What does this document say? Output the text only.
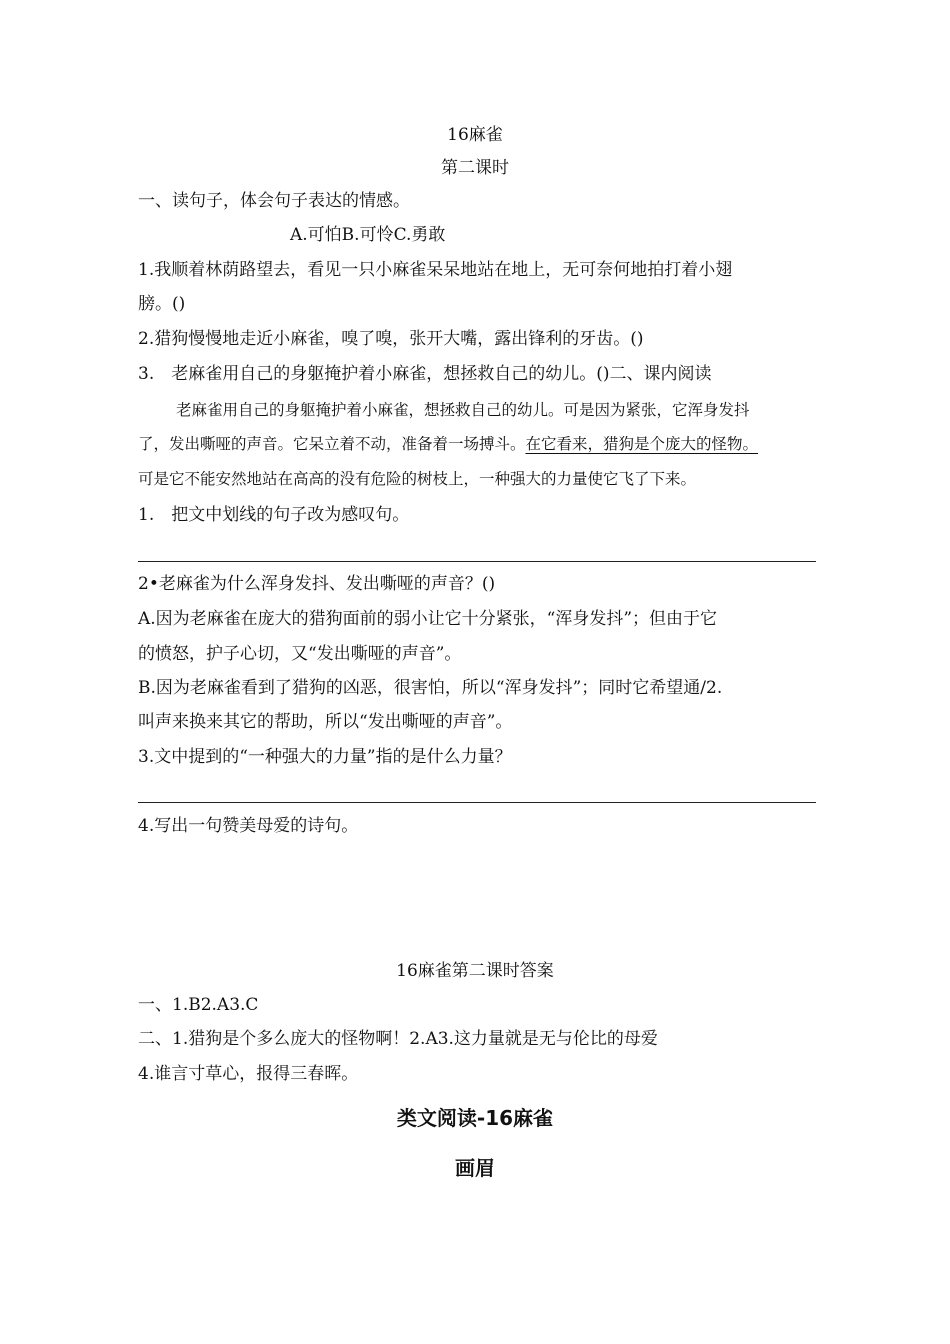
16麻雀
第二课时
一、读句子，体会句子表达的情感。
A.可怕B.可怜C.勇敢
1.我顺着林荫路望去，看见一只小麻雀呆呆地站在地上，无可奈何地拍打着小翅
膀。()
2.猎狗慢慢地走近小麻雀，嗅了嗅，张开大嘴，露出锋利的牙齿。()
3.　老麻雀用自己的身躯掩护着小麻雀，想拯救自己的幼儿。()二、课内阅读
老麻雀用自己的身躯掩护着小麻雀，想拯救自己的幼儿。可是因为紧张，它浑身发抖
了，发出嘶哑的声音。它呆立着不动，准备着一场搏斗。在它看来，猎狗是个庞大的怪物。
可是它不能安然地站在高高的没有危险的树枝上，一种强大的力量使它飞了下来。
1.　把文中划线的句子改为感叹句。
2•老麻雀为什么浑身发抖、发出嘶哑的声音？()
A.因为老麻雀在庞大的猎狗面前的弱小让它十分紧张，“浑身发抖”；但由于它
的愤怒，护子心切，又“发出嘶哑的声音”。
B.因为老麻雀看到了猎狗的凶恶，很害怕，所以“浑身发抖”；同时它希望通/2.
叫声来换来其它的帮助，所以“发出嘶哑的声音”。
3.文中提到的“一种强大的力量”指的是什么力量？
4.写出一句赞美母爱的诗句。
16麻雀第二课时答案
一、1.B2.A3.C
二、1.猎狗是个多么庞大的怪物啊！2.A3.这力量就是无与伦比的母爱
4.谁言寸草心，报得三春晖。
类文阅读-16麻雀
画眉
